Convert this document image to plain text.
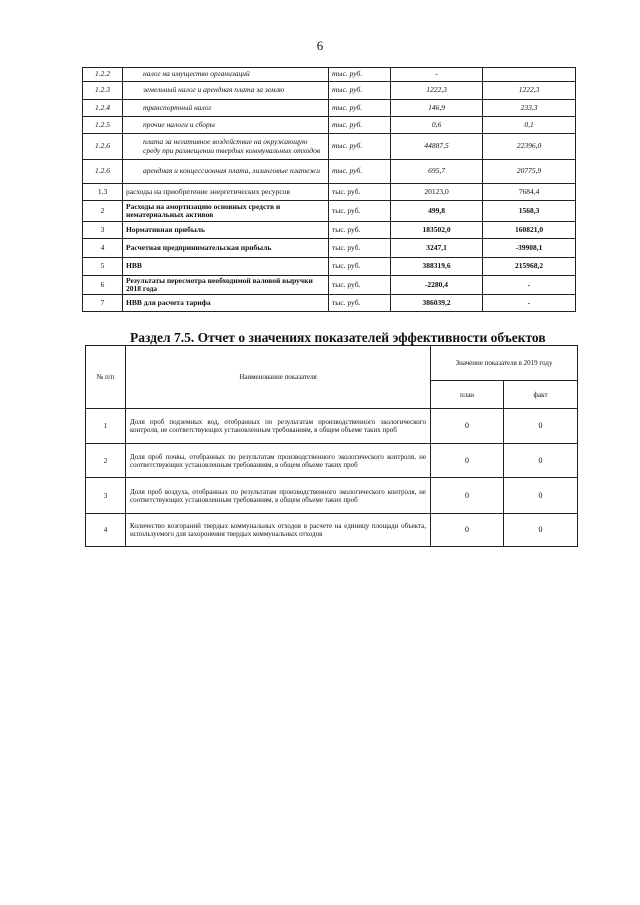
6
1.2.2	налог на имущество организаций	тыс. руб.	-	
1.2.3	земельный налог и арендная плата за землю	тыс. руб.	1222,3	1222,3
1.2.4	транспортный налог	тыс. руб.	146,9	233,3
1.2.5	прочие налоги и сборы	тыс. руб.	0,6	0,1
1.2.6	плата за негативное воздействие на окружающую среду при размещении твердых коммунальных отходов	тыс. руб.	44887,5	22396,0
1.2.6	арендная и концессионная плата, лизинговые платежи	тыс. руб.	695,7	20775,9
1.3	расходы на приобретение энергетических ресурсов	тыс. руб.	20123,0	7684,4
2	Расходы на амортизацию основных средств и нематериальных активов	тыс. руб.	499,8	1568,3
3	Нормативная прибыль	тыс. руб.	183502,0	160821,0
4	Расчетная предпринимательская прибыль	тыс. руб.	3247,1	-39908,1
5	НВВ	тыс. руб.	388319,6	215968,2
6	Результаты пересмотра необходимой валовой выручки 2018 года	тыс. руб.	-2280,4	-
7	НВВ для расчета тарифа	тыс. руб.	386039,2	-
Раздел 7.5. Отчет о значениях показателей эффективности объектов
№ п/п	Наименование показателя	Значение показателя в 2019 году	
		план	факт
1	Доля проб подземных вод, отобранных по результатам производственного экологического контроля, не соответствующих установленным требованиям, в общем объеме таких проб	0	0
2	Доля проб почвы, отобранных по результатам производственного экологического контроля, не соответствующих установленным требованиям, в общем объеме таких проб	0	0
3	Доля проб воздуха, отобранных по результатам производственного экологического контроля, не соответствующих установленным требованиям, в общем объеме таких проб	0	0
4	Количество возгораний твердых коммунальных отходов в расчете на единицу площади объекта, используемого для захоронения твердых коммунальных отходов	0	0
